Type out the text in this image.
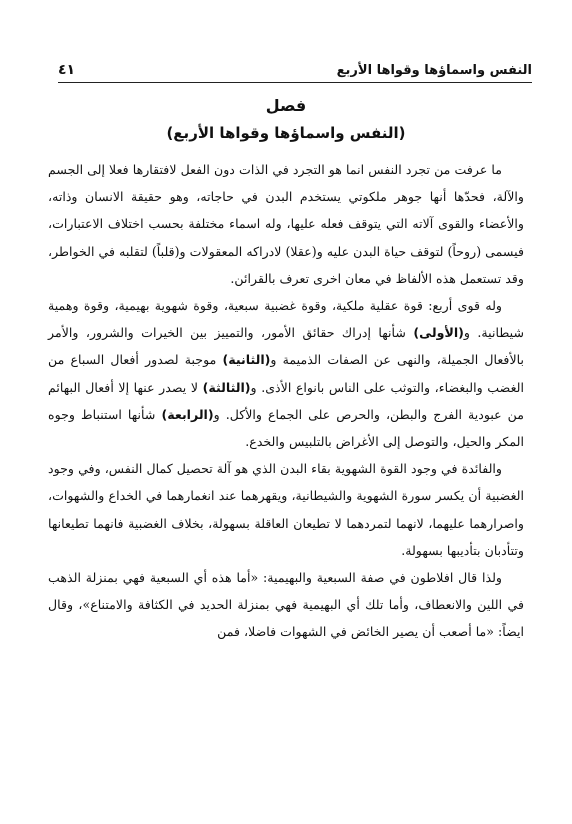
النفس واسماؤها وقواها الأربع
٤١
فصل
(النفس واسماؤها وقواها الأربع)

ما عرفت من تجرد النفس انما هو التجرد في الذات دون الفعل لافتقارها فعلا إلى الجسم والآلة، فحدّها أنها جوهر ملكوتي يستخدم البدن في حاجاته، وهو حقيقة الانسان وذاته، والأعضاء والقوى آلاته التي يتوقف فعله عليها، وله اسماء مختلفة بحسب اختلاف الاعتبارات، فيسمى (روحاً) لتوقف حياة البدن عليه و(عقلا) لادراكه المعقولات و(قلباً) لتقلبه في الخواطر، وقد تستعمل هذه الألفاظ في معان اخرى تعرف بالقرائن.

وله قوى أربع: قوة عقلية ملكية، وقوة غضبية سبعية، وقوة شهوية بهيمية، وقوة وهمية شيطانية. و(الأولى) شأنها إدراك حقائق الأمور، والتمييز بين الخيرات والشرور، والأمر بالأفعال الجميلة، والنهى عن الصفات الذميمة و(الثانية) موجبة لصدور أفعال السباع من الغضب والبغضاء، والتوثب على الناس بانواع الأذى. و(الثالثة) لا يصدر عنها إلا أفعال البهائم من عبودية الفرج والبطن، والحرص على الجماع والأكل. و(الرابعة) شأنها استنباط وجوه المكر والحيل، والتوصل إلى الأغراض بالتلبيس والخدع.

والفائدة في وجود القوة الشهوية بقاء البدن الذي هو آلة تحصيل كمال النفس، وفي وجود الغضبية أن يكسر سورة الشهوية والشيطانية، ويقهرهما عند انغمارهما في الخداع والشهوات، واصرارهما عليهما، لانهما لتمردهما لا تطيعان العاقلة بسهولة، بخلاف الغضبية فانهما تطيعانها وتتأدبان بتأديبها بسهولة.

ولذا قال افلاطون في صفة السبعية والبهيمية: «أما هذه أي السبعية فهي بمنزلة الذهب في اللين والانعطاف، وأما تلك أي البهيمية فهي بمنزلة الحديد في الكثافة والامتناع»، وقال ايضاً: «ما أصعب أن يصير الخائض في الشهوات فاضلا، فمن
